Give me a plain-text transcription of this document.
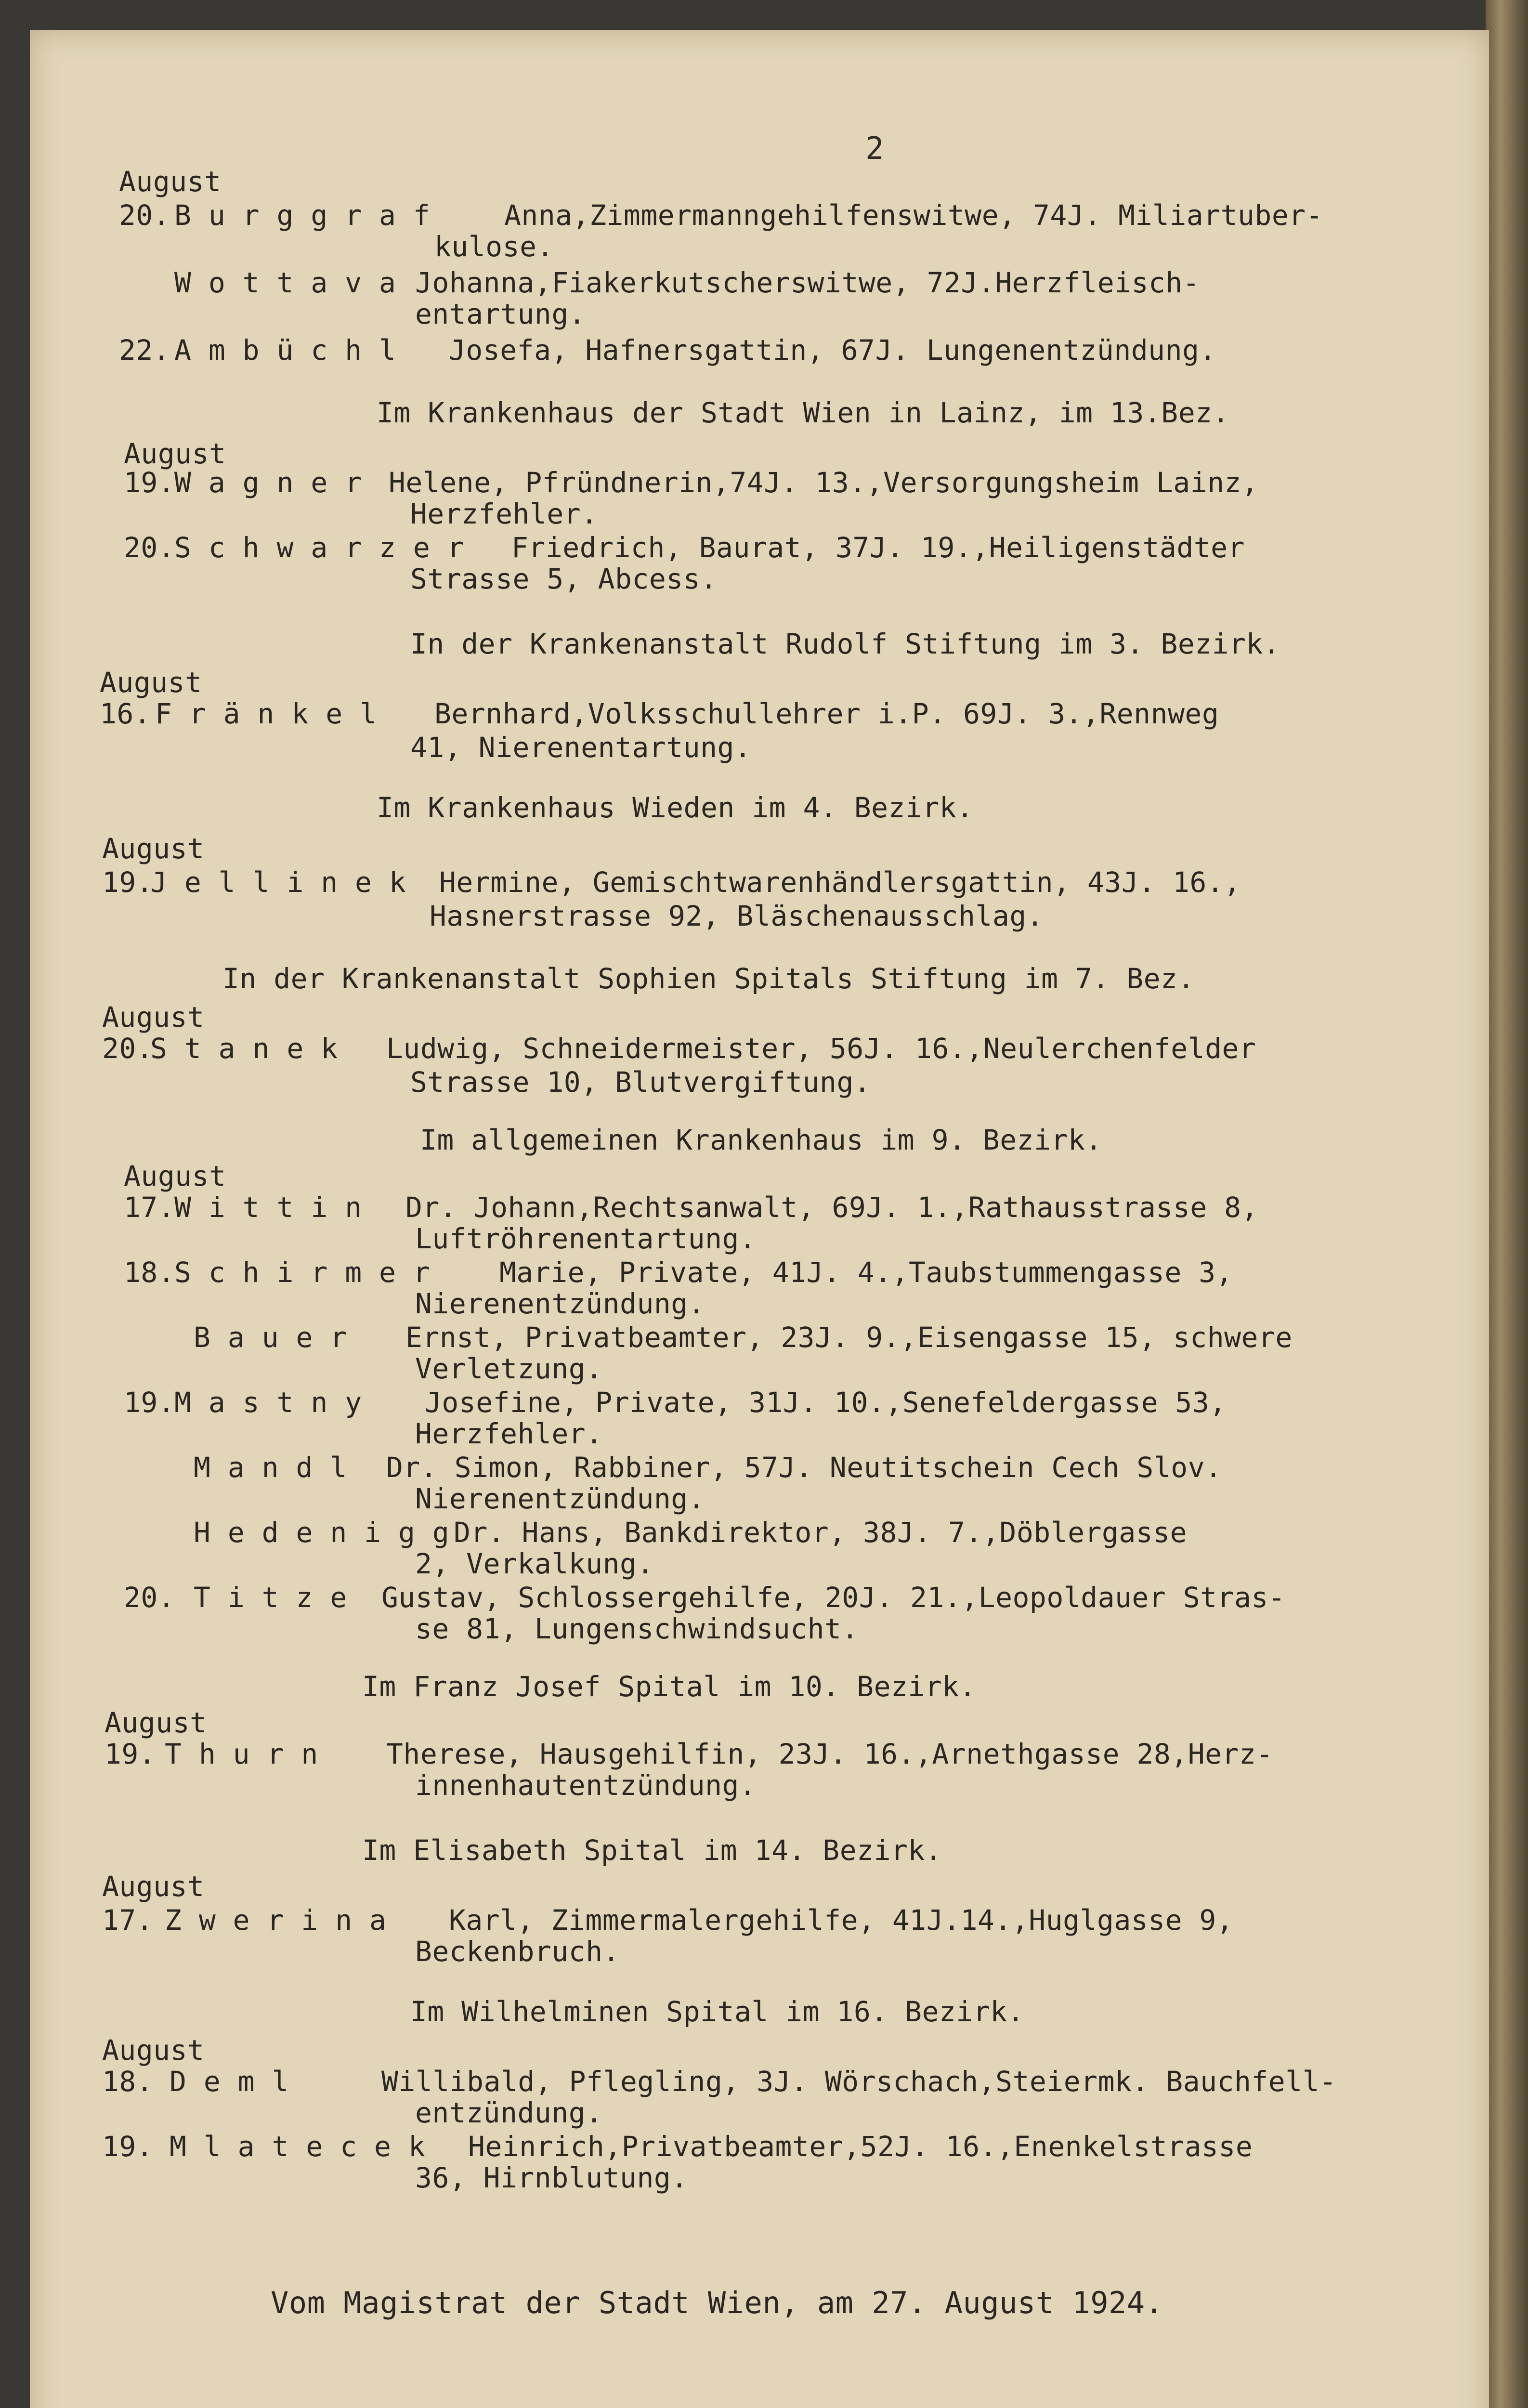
2
August
20. B u r g g r a f	Anna,Zimmermanngehilfenswitwe, 74J. Miliartuber-
kulose.
W o t t a v a Johanna,Fiakerkutscherswitwe, 72J.Herzfleisch-
entartung.
22. A m b ü c h l Josefa, Hafnersgattin, 67J. Lungenentzündung.
Im Krankenhaus der Stadt Wien in Lainz, im 13.Bez.
August
19.
W a g n e r Helene, Pfründnerin,74J. 13.,Versorgungsheim Lainz,
Herzfehler.
20.
S c h w a r z e r Friedrich, Baurat, 37J. 19.,Heiligenstädter
Strasse 5, Abcess.
In der Krankenanstalt Rudolf Stiftung im 3. Bezirk.
August
16. F r ä n k e l Bernhard,Volksschullehrer i.P. 69J. 3.,Rennweg
41, Nierenentartung.
Im Krankenhaus Wieden im 4. Bezirk.
August
19.
J e l l i n e k Hermine, Gemischtwarenhändlersgattin, 43J. 16.,
Hasnerstrasse 92, Bläschenausschlag.
In der Krankenanstalt Sophien Spitals Stiftung im 7. Bez.
August
20.
S t a n e k Ludwig, Schneidermeister, 56J. 16.,Neulerchenfelder
Strasse 10, Blutvergiftung.
Im allgemeinen Krankenhaus im 9. Bezirk.
August
17.
W i t t i n Dr. Johann,Rechtsanwalt, 69J. 1.,Rathausstrasse 8,
Luftröhrenentartung.
18.
S c h i r m e r Marie, Private, 41J. 4.,Taubstummengasse 3,
Nierenentzündung.
B a u e r Ernst, Privatbeamter, 23J. 9.,Eisengasse 15, schwere
Verletzung.
19.
M a s t n y Josefine, Private, 31J. 10.,Senefeldergasse 53,
Herzfehler.
M a n d l Dr. Simon, Rabbiner, 57J. Neutitschein Cech Slov.
Nierenentzündung.
H e d e n i g g Dr. Hans, Bankdirektor, 38J. 7.,Döblergasse
2, Verkalkung.
20. T i t z e Gustav, Schlossergehilfe, 20J. 21.,Leopoldauer Stras-
se 81, Lungenschwindsucht.
Im Franz Josef Spital im 10. Bezirk.
August
19. T h u r n Therese, Hausgehilfin, 23J. 16.,Arnethgasse 28,Herz-
innenhautentzündung.
Im Elisabeth Spital im 14. Bezirk.
August
17. Z w e r i n a Karl, Zimmermalergehilfe, 41J.14.,Huglgasse 9,
Beckenbruch.
Im Wilhelminen Spital im 16. Bezirk.
August
18. D e m l	Willibald, Pflegling, 3J. Wörschach,Steiermk. Bauchfell-
entzündung.
19. M l a t e c e k Heinrich,Privatbeamter,52J. 16.,Enenkelstrasse
36, Hirnblutung.
Vom Magistrat der Stadt Wien, am 27. August 1924.
